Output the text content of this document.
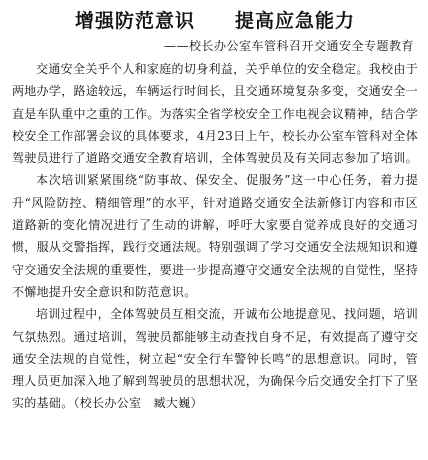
增强防范意识　　提高应急能力
——校长办公室车管科召开交通安全专题教育

交通安全关乎个人和家庭的切身利益，关乎单位的安全稳定。我校由于两地办学，路途较远，车辆运行时间长，且交通环境复杂多变，交通安全一直是车队重中之重的工作。为落实全省学校安全工作电视会议精神，结合学校安全工作部署会议的具体要求，4月23日上午，校长办公室车管科对全体驾驶员进行了道路交通安全教育培训，全体驾驶员及有关同志参加了培训。

本次培训紧紧围绕“防事故、保安全、促服务”这一中心任务，着力提升“风险防控、精细管理”的水平，针对道路交通安全法新修订内容和市区道路新的变化情况进行了生动的讲解，呼吁大家要自觉养成良好的交通习惯，服从交警指挥，践行交通法规。特别强调了学习交通安全法规知识和遵守交通安全法规的重要性，要进一步提高遵守交通安全法规的自觉性，坚持不懈地提升安全意识和防范意识。

培训过程中，全体驾驶员互相交流，开诚布公地提意见、找问题，培训气氛热烈。通过培训，驾驶员都能够主动查找自身不足，有效提高了遵守交通安全法规的自觉性，树立起“安全行车警钟长鸣”的思想意识。同时，管理人员更加深入地了解到驾驶员的思想状况，为确保今后交通安全打下了坚实的基础。（校长办公室　臧大巍）
